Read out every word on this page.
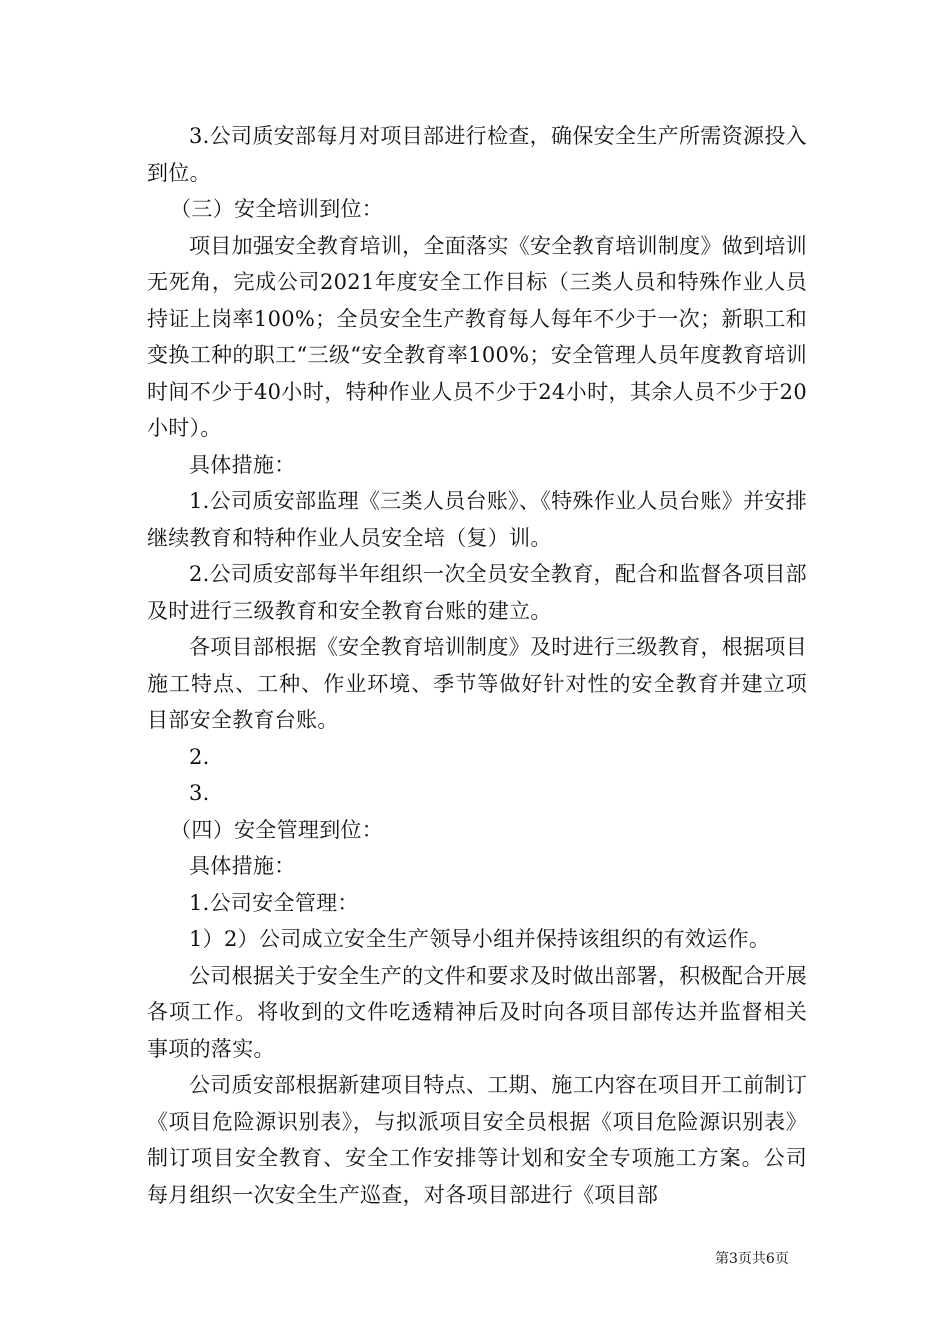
3.公司质安部每月对项目部进行检查，确保安全生产所需资源投入到位。

（三）安全培训到位：

项目加强安全教育培训，全面落实《安全教育培训制度》做到培训无死角，完成公司2021年度安全工作目标（三类人员和特殊作业人员持证上岗率100%；全员安全生产教育每人每年不少于一次；新职工和变换工种的职工“三级“安全教育率100%；安全管理人员年度教育培训时间不少于40小时，特种作业人员不少于24小时，其余人员不少于20小时）。

具体措施：

1.公司质安部监理《三类人员台账》、《特殊作业人员台账》并安排继续教育和特种作业人员安全培（复）训。

2.公司质安部每半年组织一次全员安全教育，配合和监督各项目部及时进行三级教育和安全教育台账的建立。

各项目部根据《安全教育培训制度》及时进行三级教育，根据项目施工特点、工种、作业环境、季节等做好针对性的安全教育并建立项目部安全教育台账。

2.

3.

（四）安全管理到位：

具体措施：

1.公司安全管理：

1）2）公司成立安全生产领导小组并保持该组织的有效运作。

公司根据关于安全生产的文件和要求及时做出部署，积极配合开展各项工作。将收到的文件吃透精神后及时向各项目部传达并监督相关事项的落实。

公司质安部根据新建项目特点、工期、施工内容在项目开工前制订《项目危险源识别表》，与拟派项目安全员根据《项目危险源识别表》制订项目安全教育、安全工作安排等计划和安全专项施工方案。公司每月组织一次安全生产巡查，对各项目部进行《项目部

第3页共6页
